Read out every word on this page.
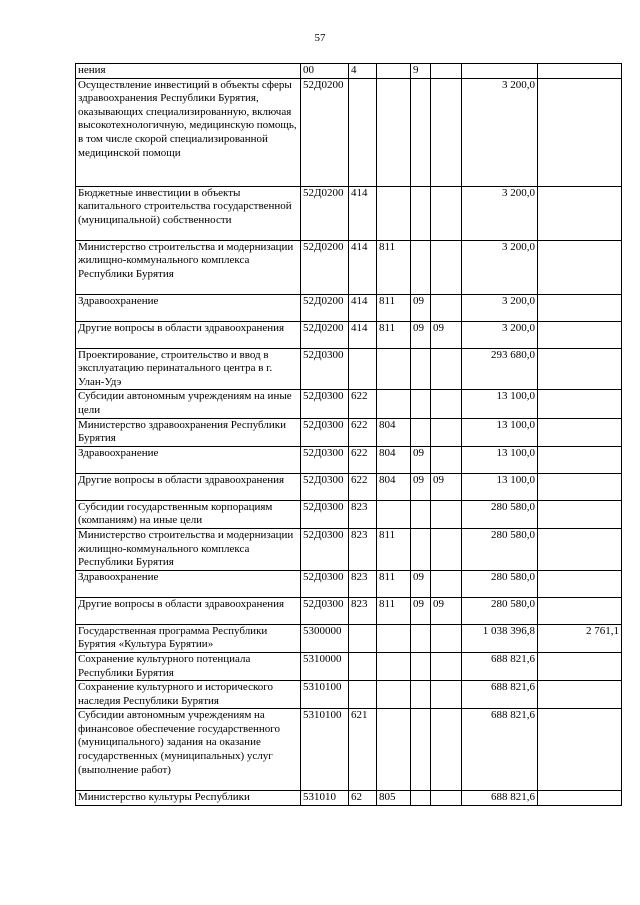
57
нения	00	4		9			
Осуществление инвестиций в объекты сферы здравоохранения Республики Бурятия, оказывающих специализированную, включая высокотехнологичную, медицинскую помощь, в том числе скорой специализированной медицинской помощи	52Д0200					3 200,0	
Бюджетные инвестиции в объекты капитального строительства государственной (муниципальной) собственности	52Д0200	414				3 200,0	
Министерство строительства и модернизации жилищно-коммунального комплекса Республики Бурятия	52Д0200	414	811			3 200,0	
Здравоохранение	52Д0200	414	811	09		3 200,0	
Другие вопросы в области здравоохранения	52Д0200	414	811	09	09	3 200,0	
Проектирование, строительство и ввод в эксплуатацию перинатального центра в г. Улан-Удэ	52Д0300					293 680,0	
Субсидии автономным учреждениям на иные цели	52Д0300	622				13 100,0	
Министерство здравоохранения Республики Бурятия	52Д0300	622	804			13 100,0	
Здравоохранение	52Д0300	622	804	09		13 100,0	
Другие вопросы в области здравоохранения	52Д0300	622	804	09	09	13 100,0	
Субсидии государственным корпорациям (компаниям) на иные цели	52Д0300	823				280 580,0	
Министерство строительства и модернизации жилищно-коммунального комплекса Республики Бурятия	52Д0300	823	811			280 580,0	
Здравоохранение	52Д0300	823	811	09		280 580,0	
Другие вопросы в области здравоохранения	52Д0300	823	811	09	09	280 580,0	
Государственная программа Республики Бурятия «Культура Бурятии»	5300000					1 038 396,8	2 761,1
Сохранение культурного потенциала Республики Бурятия	5310000					688 821,6	
Сохранение культурного и исторического наследия Республики Бурятия	5310100					688 821,6	
Субсидии автономным учреждениям на финансовое обеспечение государственного (муниципального) задания на оказание государственных (муниципальных) услуг (выполнение работ)	5310100	621				688 821,6	
Министерство культуры Республики	531010	62	805			688 821,6	
